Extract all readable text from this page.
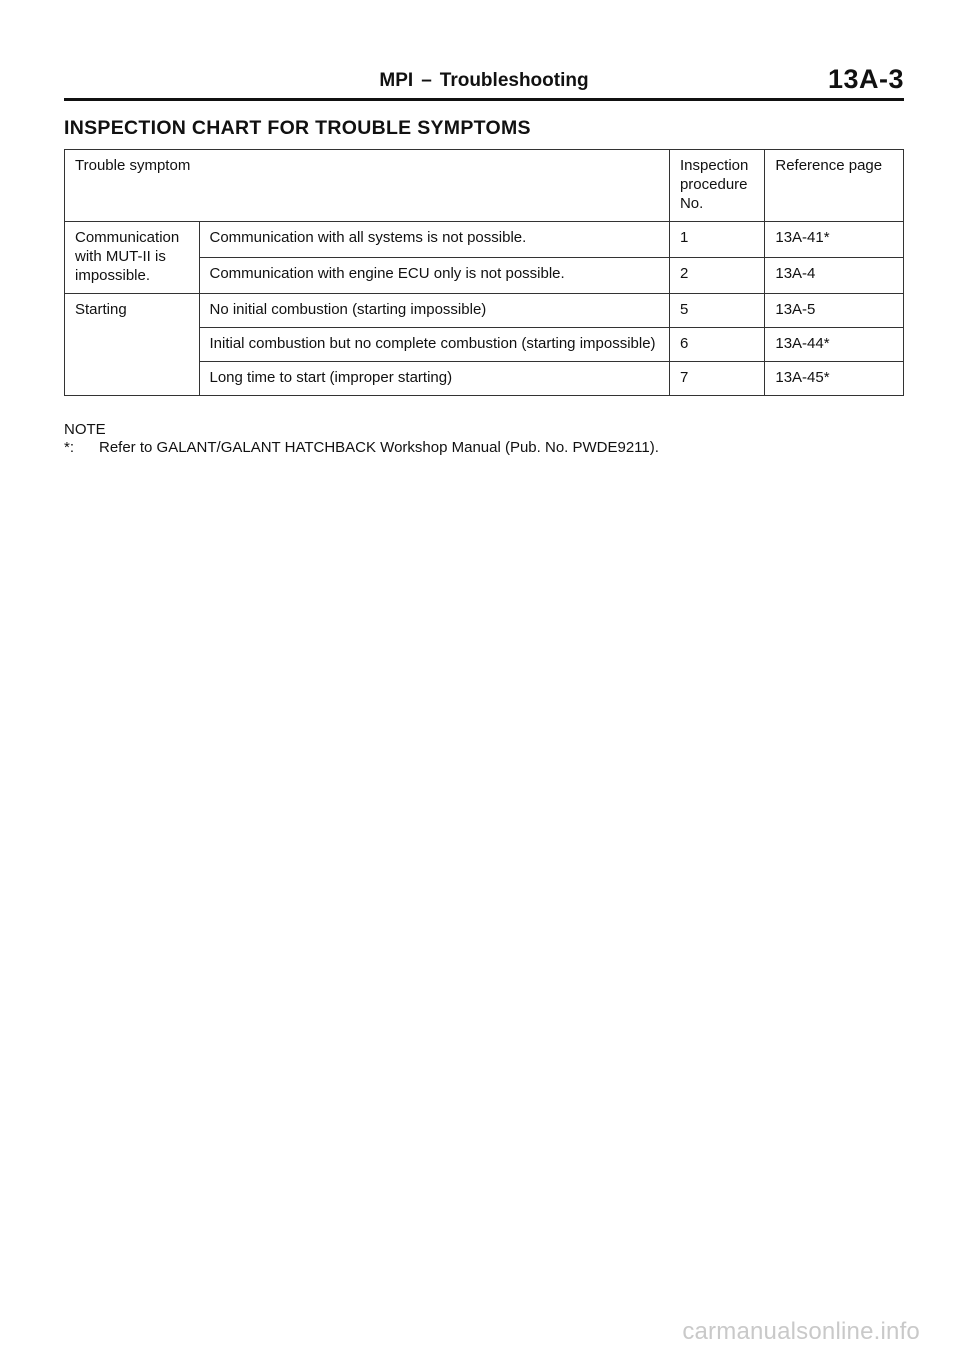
MPI – Troubleshooting	13A-3
INSPECTION CHART FOR TROUBLE SYMPTOMS
Trouble symptom		Inspection procedure No.	Reference page
Communication with MUT-II is impossible.	Communication with all systems is not possible.	1	13A-41*
	Communication with engine ECU only is not possible.	2	13A-4
Starting	No initial combustion (starting impossible)	5	13A-5
	Initial combustion but no complete combustion (starting impossible)	6	13A-44*
	Long time to start (improper starting)	7	13A-45*
NOTE
*:	Refer to GALANT/GALANT HATCHBACK Workshop Manual (Pub. No. PWDE9211).
carmanualsonline.info
